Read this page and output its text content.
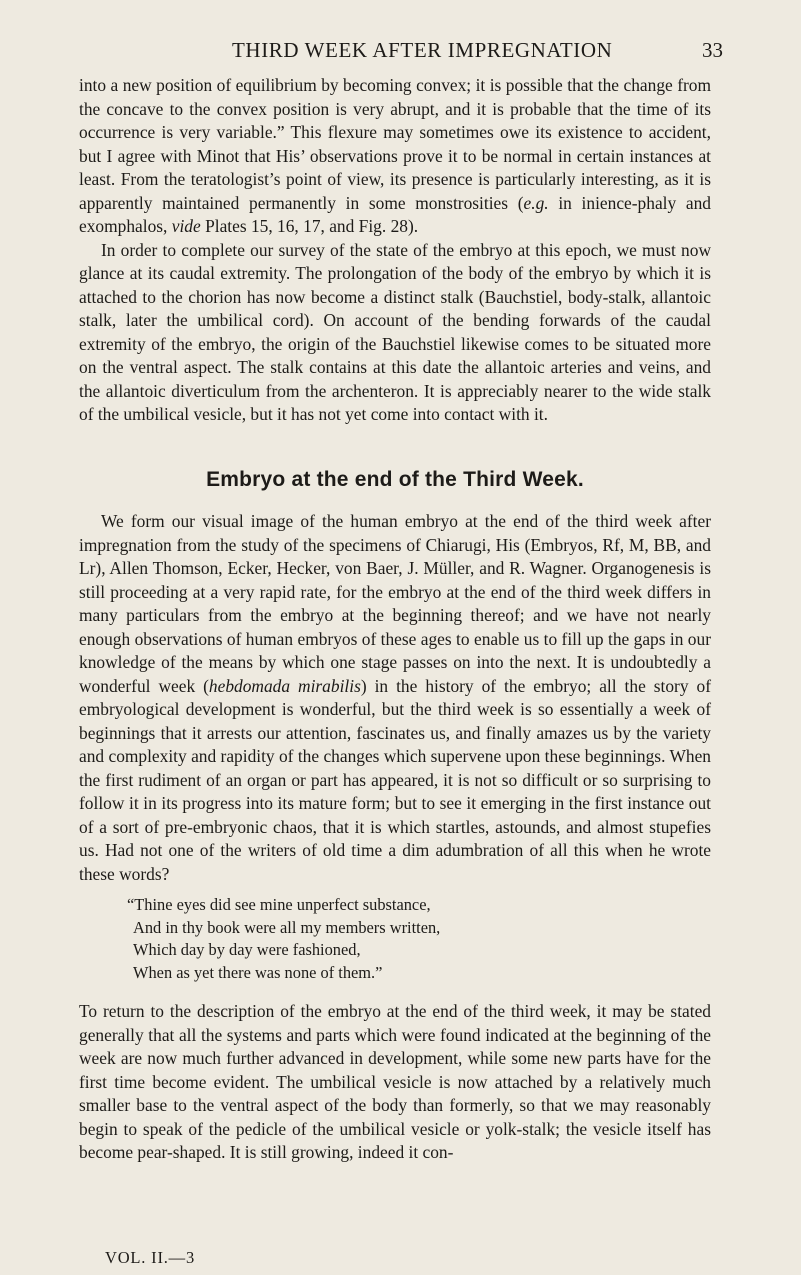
THIRD WEEK AFTER IMPREGNATION	33

into a new position of equilibrium by becoming convex; it is possible that the change from the concave to the convex position is very abrupt, and it is probable that the time of its occurrence is very variable.” This flexure may sometimes owe its existence to accident, but I agree with Minot that His’ observations prove it to be normal in certain instances at least. From the teratologist’s point of view, its presence is particularly interesting, as it is apparently maintained permanently in some monstrosities (e.g. in inience-phaly and exomphalos, vide Plates 15, 16, 17, and Fig. 28).

In order to complete our survey of the state of the embryo at this epoch, we must now glance at its caudal extremity. The prolongation of the body of the embryo by which it is attached to the chorion has now become a distinct stalk (Bauchstiel, body-stalk, allantoic stalk, later the umbilical cord). On account of the bending forwards of the caudal extremity of the embryo, the origin of the Bauchstiel likewise comes to be situated more on the ventral aspect. The stalk contains at this date the allantoic arteries and veins, and the allantoic diverticulum from the archenteron. It is appreciably nearer to the wide stalk of the umbilical vesicle, but it has not yet come into contact with it.

Embryo at the end of the Third Week.

We form our visual image of the human embryo at the end of the third week after impregnation from the study of the specimens of Chiarugi, His (Embryos, Rf, M, BB, and Lr), Allen Thomson, Ecker, Hecker, von Baer, J. Müller, and R. Wagner. Organogenesis is still proceeding at a very rapid rate, for the embryo at the end of the third week differs in many particulars from the embryo at the beginning thereof; and we have not nearly enough observations of human embryos of these ages to enable us to fill up the gaps in our knowledge of the means by which one stage passes on into the next. It is undoubtedly a wonderful week (hebdomada mirabilis) in the history of the embryo; all the story of embryological development is wonderful, but the third week is so essentially a week of beginnings that it arrests our attention, fascinates us, and finally amazes us by the variety and complexity and rapidity of the changes which supervene upon these beginnings. When the first rudiment of an organ or part has appeared, it is not so difficult or so surprising to follow it in its progress into its mature form; but to see it emerging in the first instance out of a sort of pre-embryonic chaos, that it is which startles, astounds, and almost stupefies us. Had not one of the writers of old time a dim adumbration of all this when he wrote these words?

“Thine eyes did see mine unperfect substance,
And in thy book were all my members written,
Which day by day were fashioned,
When as yet there was none of them.”

To return to the description of the embryo at the end of the third week, it may be stated generally that all the systems and parts which were found indicated at the beginning of the week are now much further advanced in development, while some new parts have for the first time become evident. The umbilical vesicle is now attached by a relatively much smaller base to the ventral aspect of the body than formerly, so that we may reasonably begin to speak of the pedicle of the umbilical vesicle or yolk-stalk; the vesicle itself has become pear-shaped. It is still growing, indeed it con-

VOL. II.—3
